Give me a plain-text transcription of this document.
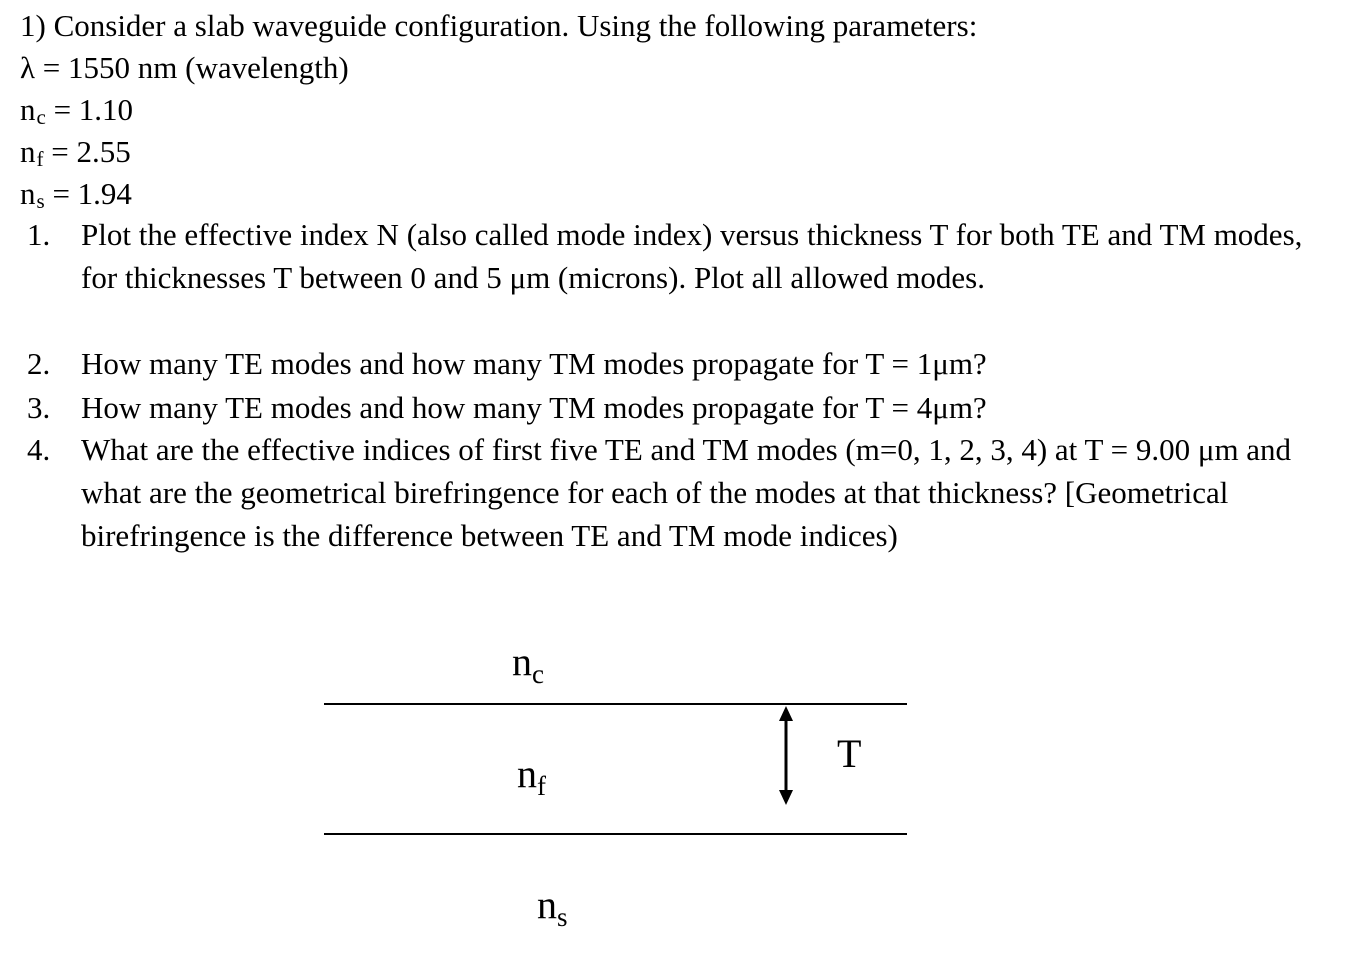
1) Consider a slab waveguide configuration. Using the following parameters:
λ = 1550 nm (wavelength)
nc = 1.10
nf = 2.55
ns = 1.94
1. Plot the effective index N (also called mode index) versus thickness T for both TE and TM modes, for thicknesses T between 0 and 5 μm (microns). Plot all allowed modes.
2. How many TE modes and how many TM modes propagate for T = 1μm?
3. How many TE modes and how many TM modes propagate for T = 4μm?
4. What are the effective indices of first five TE and TM modes (m=0, 1, 2, 3, 4) at T = 9.00 μm and what are the geometrical birefringence for each of the modes at that thickness? [Geometrical birefringence is the difference between TE and TM mode indices)
$n_c$
$n_f$
$n_s$
T
